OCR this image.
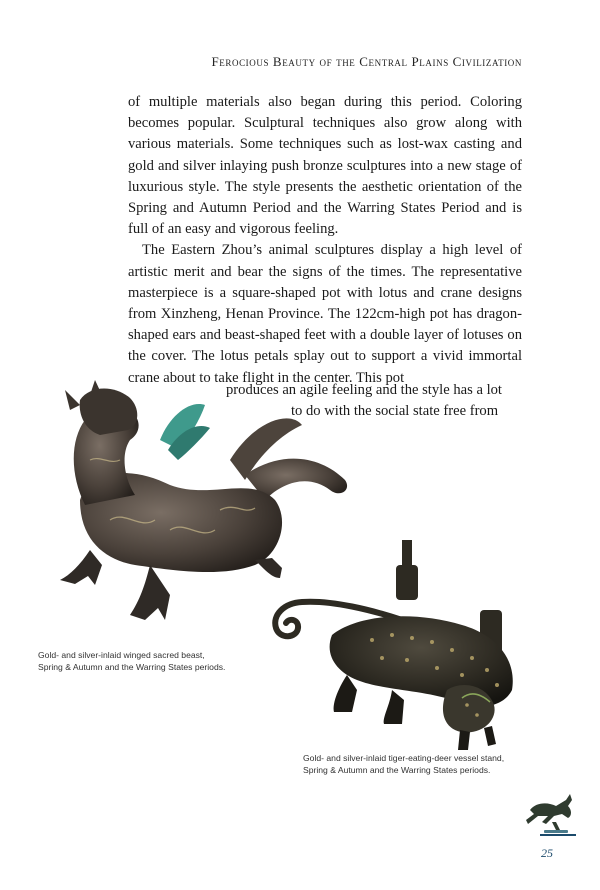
Ferocious Beauty of the Central Plains Civilization

of multiple materials also began during this period. Coloring becomes popular. Sculptural techniques also grow along with various materials. Some techniques such as lost-wax casting and gold and silver inlaying push bronze sculptures into a new stage of luxurious style. The style presents the aesthetic orientation of the Spring and Autumn Period and the Warring States Period and is full of an easy and vigorous feeling.

The Eastern Zhou’s animal sculptures display a high level of artistic merit and bear the signs of the times. The representative masterpiece is a square-shaped pot with lotus and crane designs from Xinzheng, Henan Province. The 122cm-high pot has dragon-shaped ears and beast-shaped feet with a double layer of lotuses on the cover. The lotus petals splay out to support a vivid immortal crane about to take flight in the center. This pot

produces an agile feeling and the style has a lot
to do with the social state free from
Gold- and silver-inlaid winged sacred beast,
Spring & Autumn and the Warring States periods.
Gold- and silver-inlaid tiger-eating-deer vessel stand,
Spring & Autumn and the Warring States periods.
25
